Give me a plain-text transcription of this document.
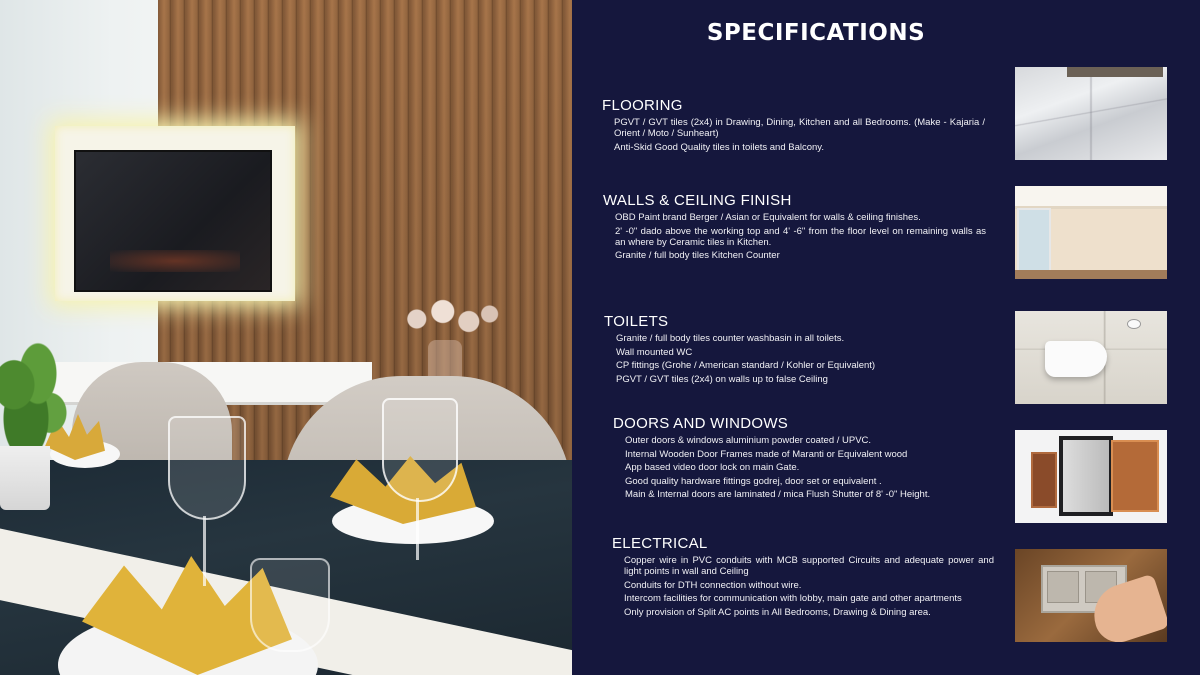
SPECIFICATIONS
FLOORING
PGVT / GVT tiles (2x4) in Drawing, Dining, Kitchen and all Bedrooms. (Make - Kajaria / Orient / Moto / Sunheart)
Anti-Skid Good Quality tiles in toilets and Balcony.
WALLS & CEILING FINISH
OBD Paint brand Berger / Asian or Equivalent for walls & ceiling finishes.
2' -0" dado above the working top and 4' -6" from the floor level on remaining walls as an where by Ceramic tiles in Kitchen.
Granite / full body tiles Kitchen Counter
TOILETS
Granite / full body tiles counter washbasin in all toilets.
Wall mounted WC
CP fittings (Grohe / American standard / Kohler or Equivalent)
PGVT / GVT tiles (2x4) on walls up to false Ceiling
DOORS AND WINDOWS
Outer doors & windows aluminium powder coated / UPVC.
Internal Wooden Door Frames made of Maranti or Equivalent wood
App based video door lock on main Gate.
Good quality hardware fittings godrej, door set or equivalent .
Main & Internal doors are laminated / mica Flush Shutter of 8' -0" Height.
ELECTRICAL
Copper wire in PVC conduits with MCB supported Circuits and adequate power and light points in wall and Ceiling
Conduits for DTH connection without wire.
Intercom facilities for communication with lobby, main gate and other apartments
Only provision of Split AC points in All Bedrooms, Drawing & Dining area.
